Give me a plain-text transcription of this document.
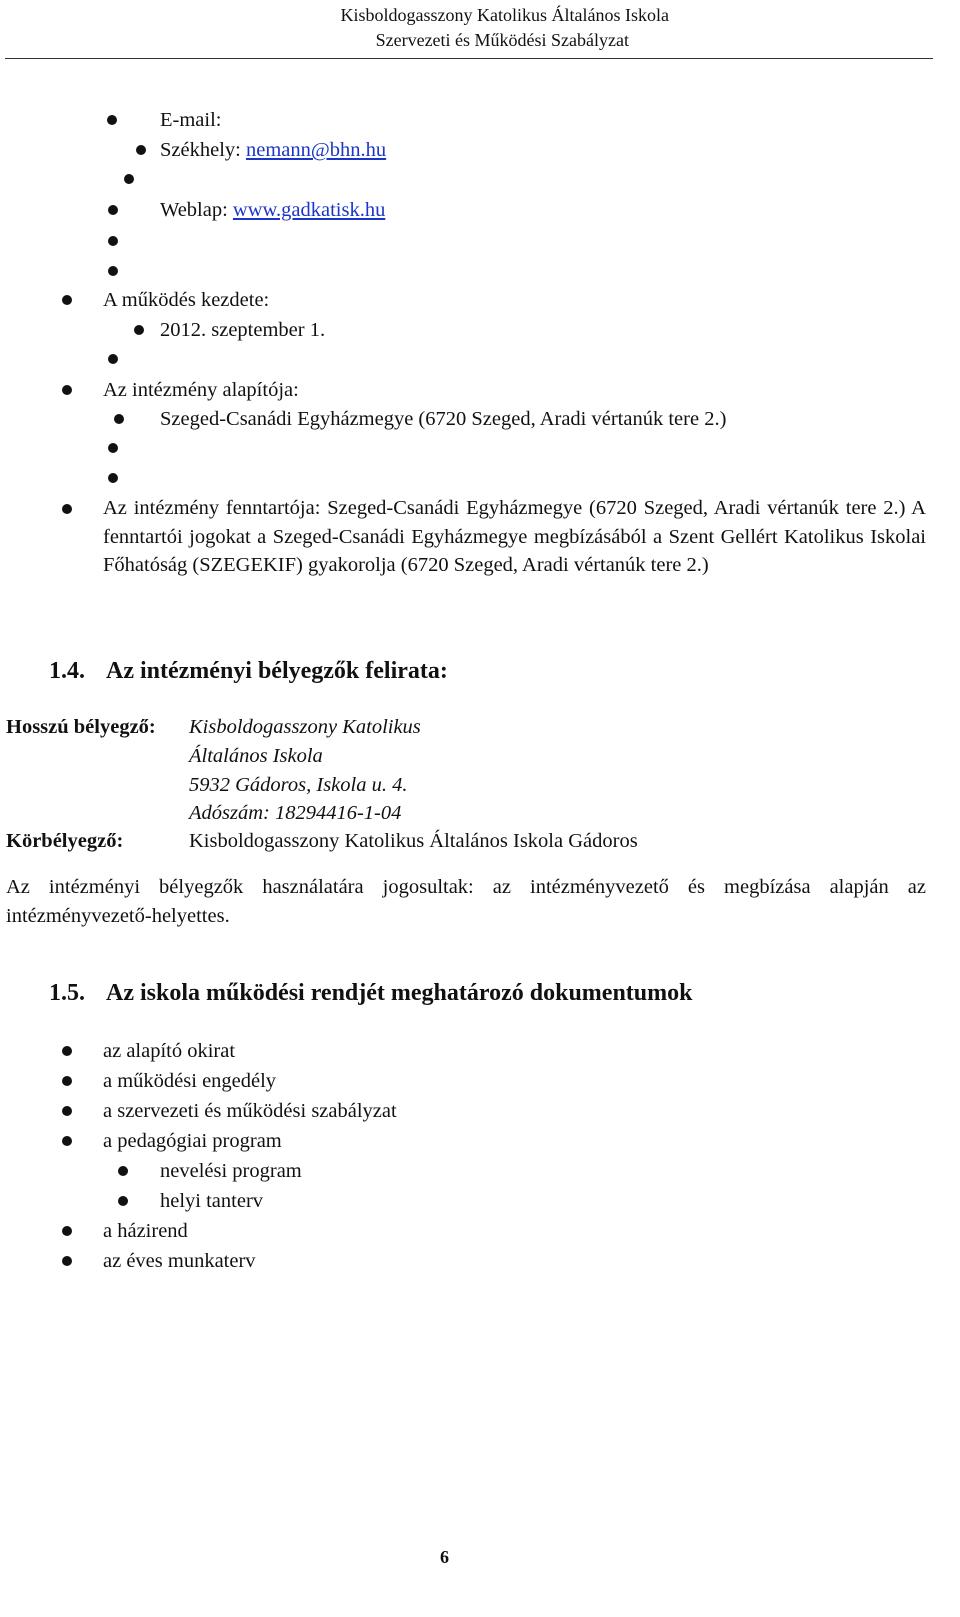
Kisboldogasszony Katolikus Általános Iskola
Szervezeti és Működési Szabályzat
E-mail:
Székhely: nemann@bhn.hu
Weblap: www.gadkatisk.hu
A működés kezdete:
2012. szeptember 1.
Az intézmény alapítója:
Szeged-Csanádi Egyházmegye (6720 Szeged, Aradi vértanúk tere 2.)
Az intézmény fenntartója: Szeged-Csanádi Egyházmegye (6720 Szeged, Aradi vértanúk tere 2.) A fenntartói jogokat a Szeged-Csanádi Egyházmegye megbízásából a Szent Gellért Katolikus Iskolai Főhatóság (SZEGEKIF) gyakorolja (6720 Szeged, Aradi vértanúk tere 2.)
1.4. Az intézményi bélyegzők felirata:
Hosszú bélyegző: Kisboldogasszony Katolikus
Általános Iskola
5932 Gádoros, Iskola u. 4.
Adószám: 18294416-1-04
Körbélyegző:	Kisboldogasszony Katolikus Általános Iskola Gádoros
Az intézményi bélyegzők használatára jogosultak: az intézményvezető és megbízása alapján az intézményvezető-helyettes.
1.5. Az iskola működési rendjét meghatározó dokumentumok
az alapító okirat
a működési engedély
a szervezeti és működési szabályzat
a pedagógiai program
nevelési program
helyi tanterv
a házirend
az éves munkaterv
6
